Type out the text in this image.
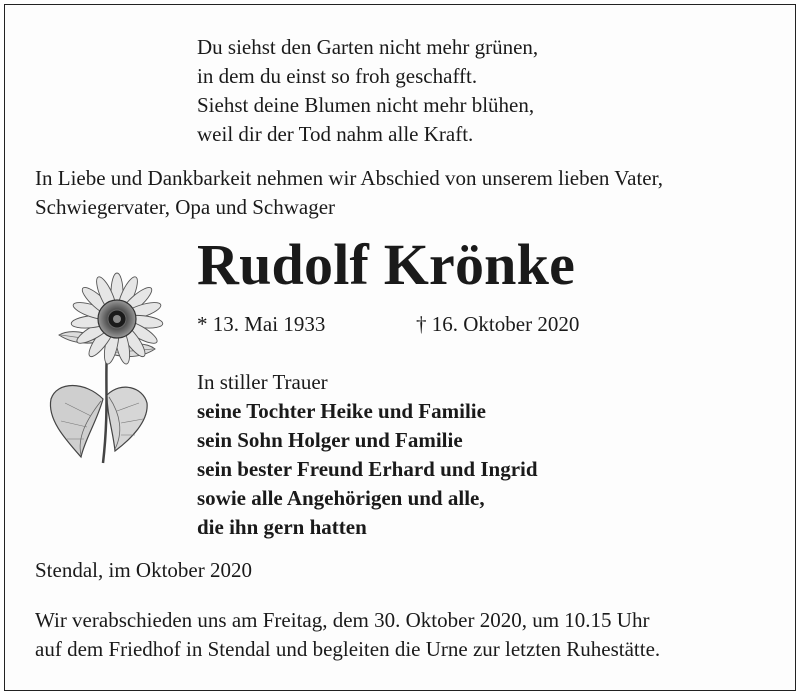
Du siehst den Garten nicht mehr grünen,
in dem du einst so froh geschafft.
Siehst deine Blumen nicht mehr blühen,
weil dir der Tod nahm alle Kraft.
In Liebe und Dankbarkeit nehmen wir Abschied von unserem lieben Vater,
Schwiegervater, Opa und Schwager
Rudolf Krönke
* 13. Mai 1933	† 16. Oktober 2020
In stiller Trauer
seine Tochter Heike und Familie
sein Sohn Holger und Familie
sein bester Freund Erhard und Ingrid
sowie alle Angehörigen und alle,
die ihn gern hatten
Stendal, im Oktober 2020
Wir verabschieden uns am Freitag, dem 30. Oktober 2020, um 10.15 Uhr
auf dem Friedhof in Stendal und begleiten die Urne zur letzten Ruhestätte.
